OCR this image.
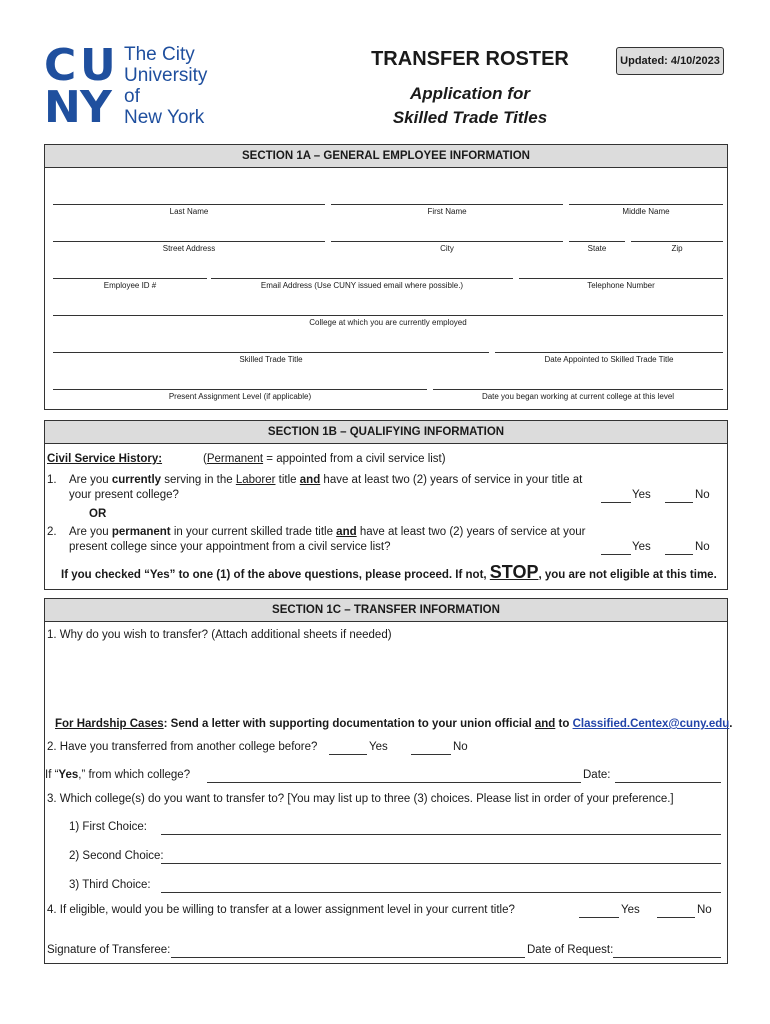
C U
N Y
The City
University
of
New York
TRANSFER ROSTER	Updated: 4/10/2023
Application for
Skilled Trade Titles
SECTION 1A – GENERAL EMPLOYEE INFORMATION
Last Name	First Name	Middle Name
Street Address	City	State	Zip
Employee ID #	Email Address (Use CUNY issued email where possible.)	Telephone Number
College at which you are currently employed
Skilled Trade Title	Date Appointed to Skilled Trade Title
Present Assignment Level (if applicable)	Date you began working at current college at this level
SECTION 1B – QUALIFYING INFORMATION
Civil Service History:	(Permanent = appointed from a civil service list)
1. Are you currently serving in the Laborer title and have at least two (2) years of service in your title at
your present college?	Yes	No
OR
2. Are you permanent in your current skilled trade title and have at least two (2) years of service at your
present college since your appointment from a civil service list?	Yes	No
If you checked “Yes” to one (1) of the above questions, please proceed. If not, STOP, you are not eligible at this time.
SECTION 1C – TRANSFER INFORMATION
1. Why do you wish to transfer? (Attach additional sheets if needed)
For Hardship Cases: Send a letter with supporting documentation to your union official and to Classified.Centex@cuny.edu.
2. Have you transferred from another college before?	Yes	No
If “Yes,” from which college?	Date:
3. Which college(s) do you want to transfer to? [You may list up to three (3) choices. Please list in order of your preference.]
1) First Choice:
2) Second Choice:
3) Third Choice:
4. If eligible, would you be willing to transfer at a lower assignment level in your current title?	Yes	No
Signature of Transferee:	Date of Request:
